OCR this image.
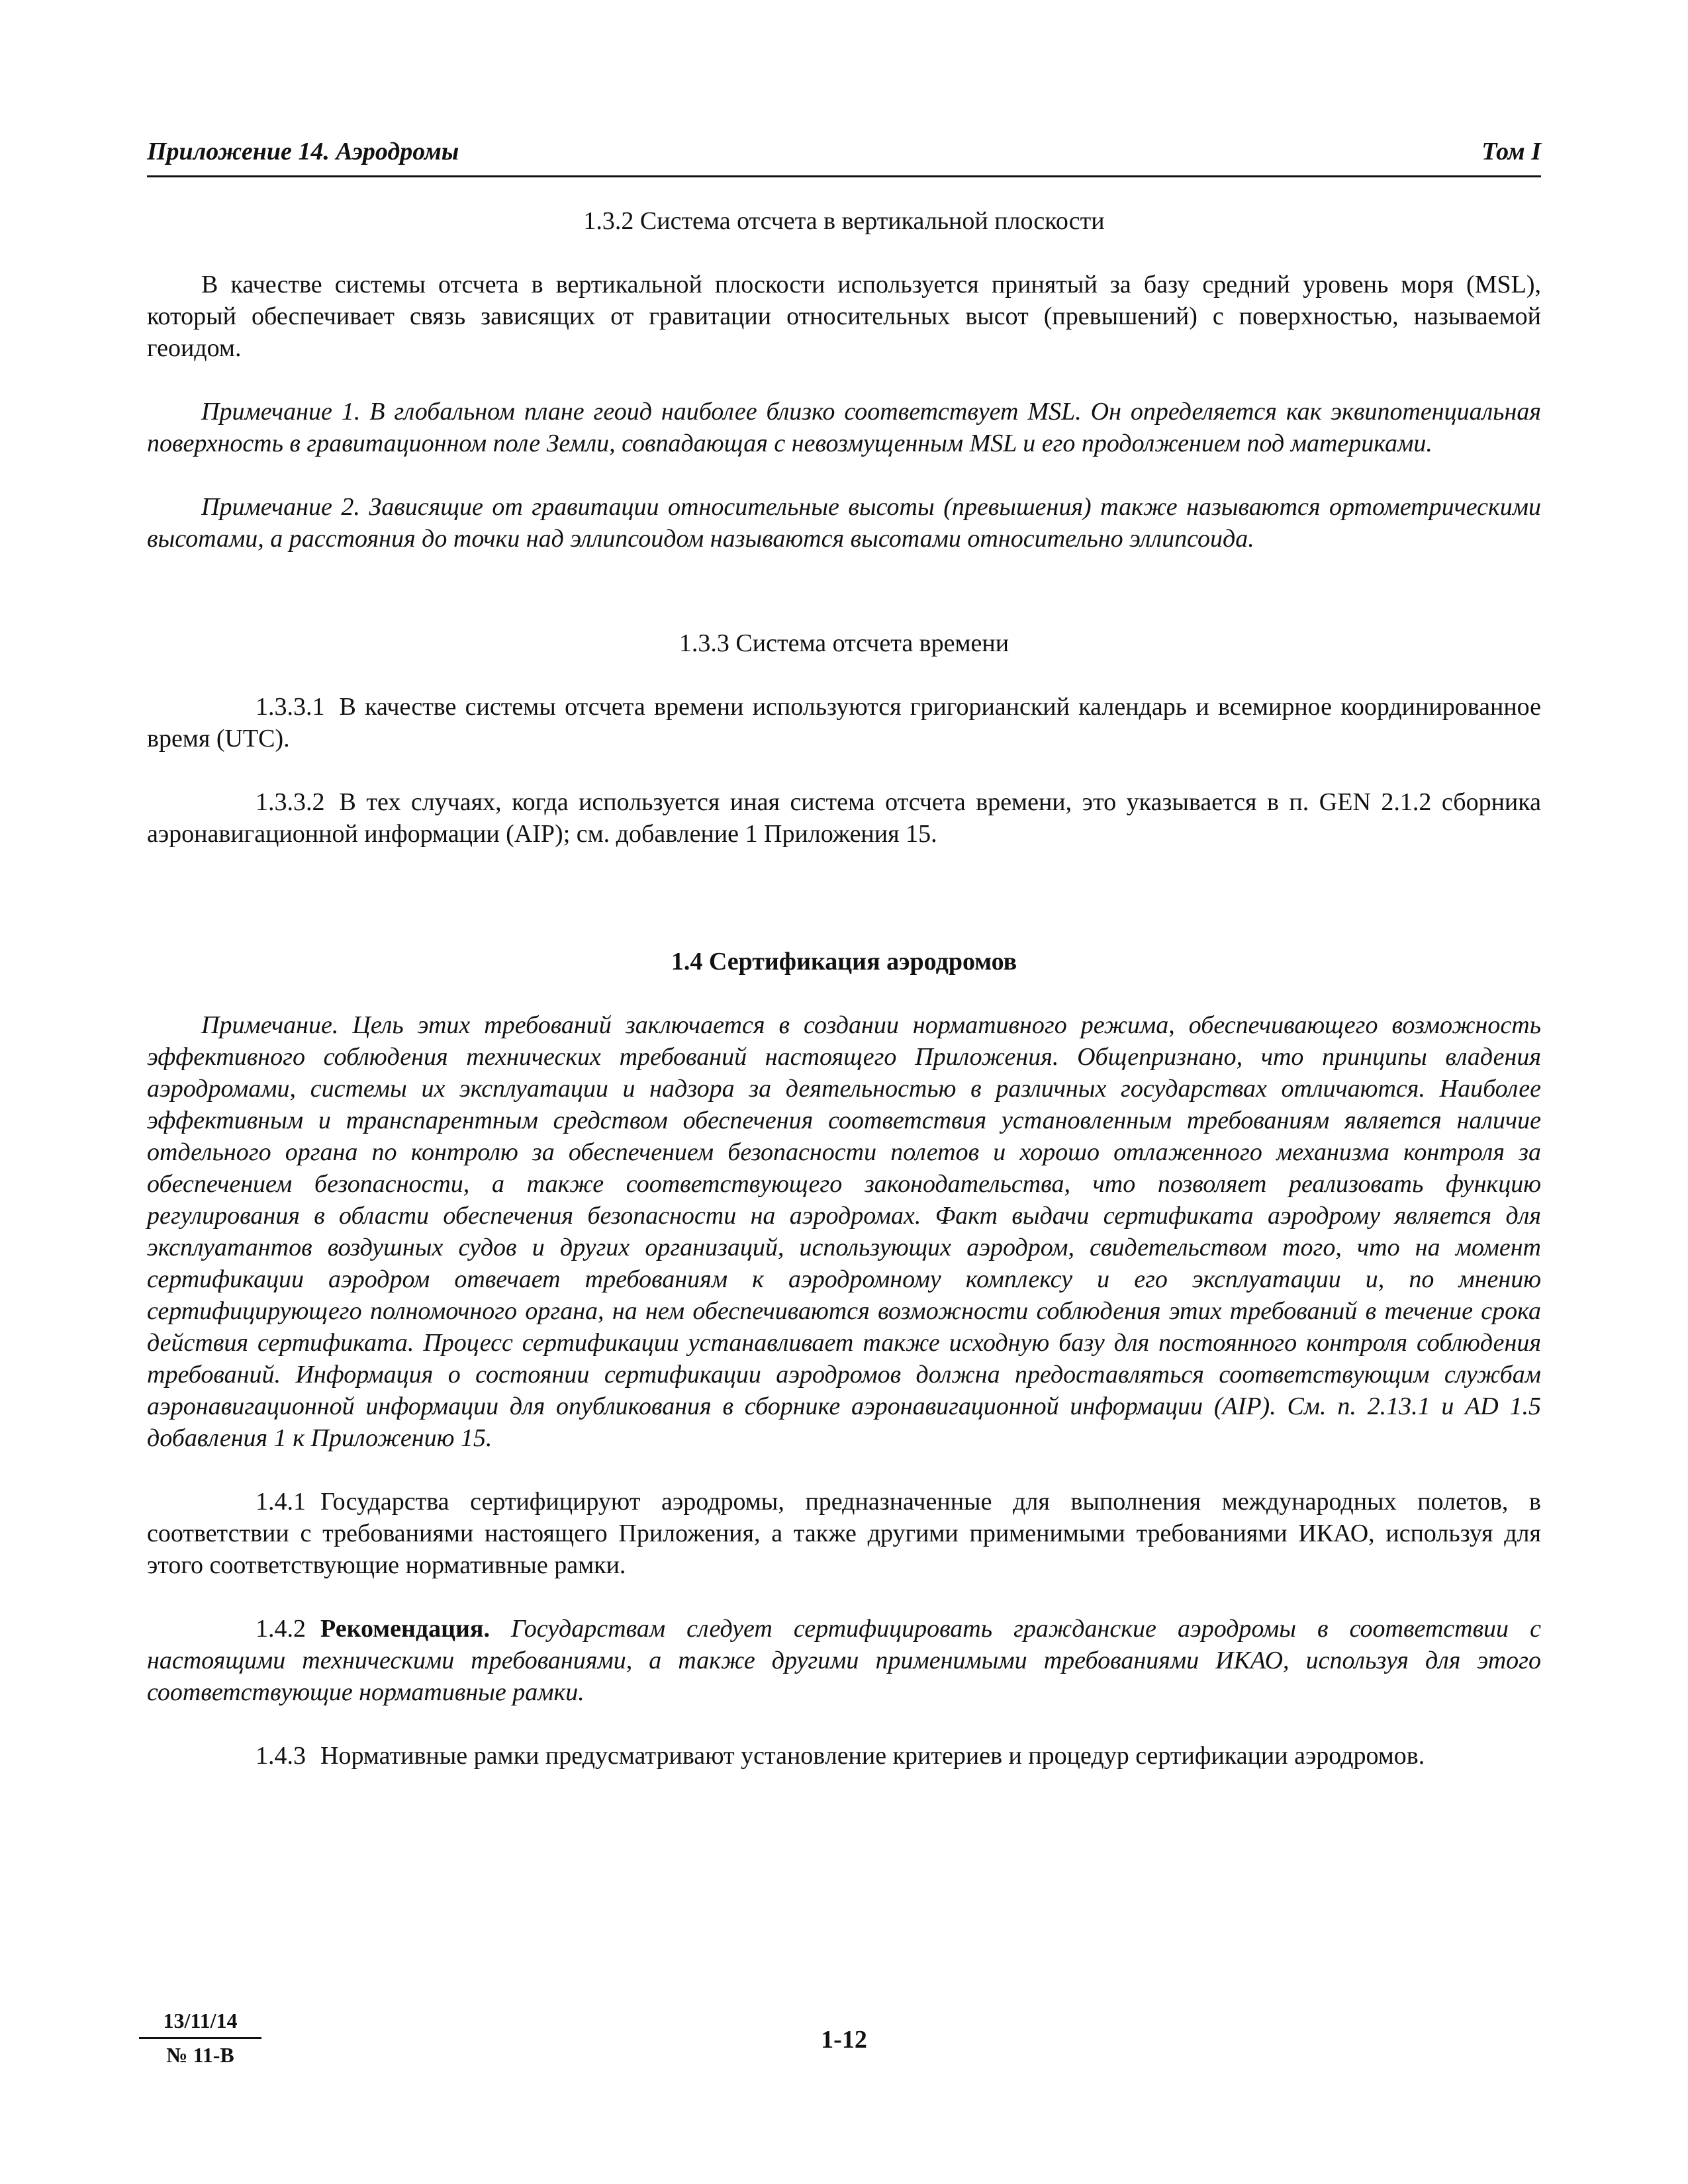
Приложение 14. Аэродромы	Том I
1.3.2 Система отсчета в вертикальной плоскости

В качестве системы отсчета в вертикальной плоскости используется принятый за базу средний уровень моря (MSL), который обеспечивает связь зависящих от гравитации относительных высот (превышений) с поверхностью, называемой геоидом.

Примечание 1. В глобальном плане геоид наиболее близко соответствует MSL. Он определяется как эквипотенциальная поверхность в гравитационном поле Земли, совпадающая с невозмущенным MSL и его продолжением под материками.

Примечание 2. Зависящие от гравитации относительные высоты (превышения) также называются ортометрическими высотами, а расстояния до точки над эллипсоидом называются высотами относительно эллипсоида.

1.3.3 Система отсчета времени

1.3.3.1 В качестве системы отсчета времени используются григорианский календарь и всемирное координированное время (UTC).

1.3.3.2 В тех случаях, когда используется иная система отсчета времени, это указывается в п. GEN 2.1.2 сборника аэронавигационной информации (AIP); см. добавление 1 Приложения 15.

1.4 Сертификация аэродромов

Примечание. Цель этих требований заключается в создании нормативного режима, обеспечивающего возможность эффективного соблюдения технических требований настоящего Приложения. Общепризнано, что принципы владения аэродромами, системы их эксплуатации и надзора за деятельностью в различных государствах отличаются. Наиболее эффективным и транспарентным средством обеспечения соответствия установленным требованиям является наличие отдельного органа по контролю за обеспечением безопасности полетов и хорошо отлаженного механизма контроля за обеспечением безопасности, а также соответствующего законодательства, что позволяет реализовать функцию регулирования в области обеспечения безопасности на аэродромах. Факт выдачи сертификата аэродрому является для эксплуатантов воздушных судов и других организаций, использующих аэродром, свидетельством того, что на момент сертификации аэродром отвечает требованиям к аэродромному комплексу и его эксплуатации и, по мнению сертифицирующего полномочного органа, на нем обеспечиваются возможности соблюдения этих требований в течение срока действия сертификата. Процесс сертификации устанавливает также исходную базу для постоянного контроля соблюдения требований. Информация о состоянии сертификации аэродромов должна предоставляться соответствующим службам аэронавигационной информации для опубликования в сборнике аэронавигационной информации (AIP). См. п. 2.13.1 и AD 1.5 добавления 1 к Приложению 15.

1.4.1 Государства сертифицируют аэродромы, предназначенные для выполнения международных полетов, в соответствии с требованиями настоящего Приложения, а также другими применимыми требованиями ИКАО, используя для этого соответствующие нормативные рамки.

1.4.2 Рекомендация. Государствам следует сертифицировать гражданские аэродромы в соответствии с настоящими техническими требованиями, а также другими применимыми требованиями ИКАО, используя для этого соответствующие нормативные рамки.

1.4.3 Нормативные рамки предусматривают установление критериев и процедур сертификации аэродромов.

13/11/14
№ 11-B
1-12
